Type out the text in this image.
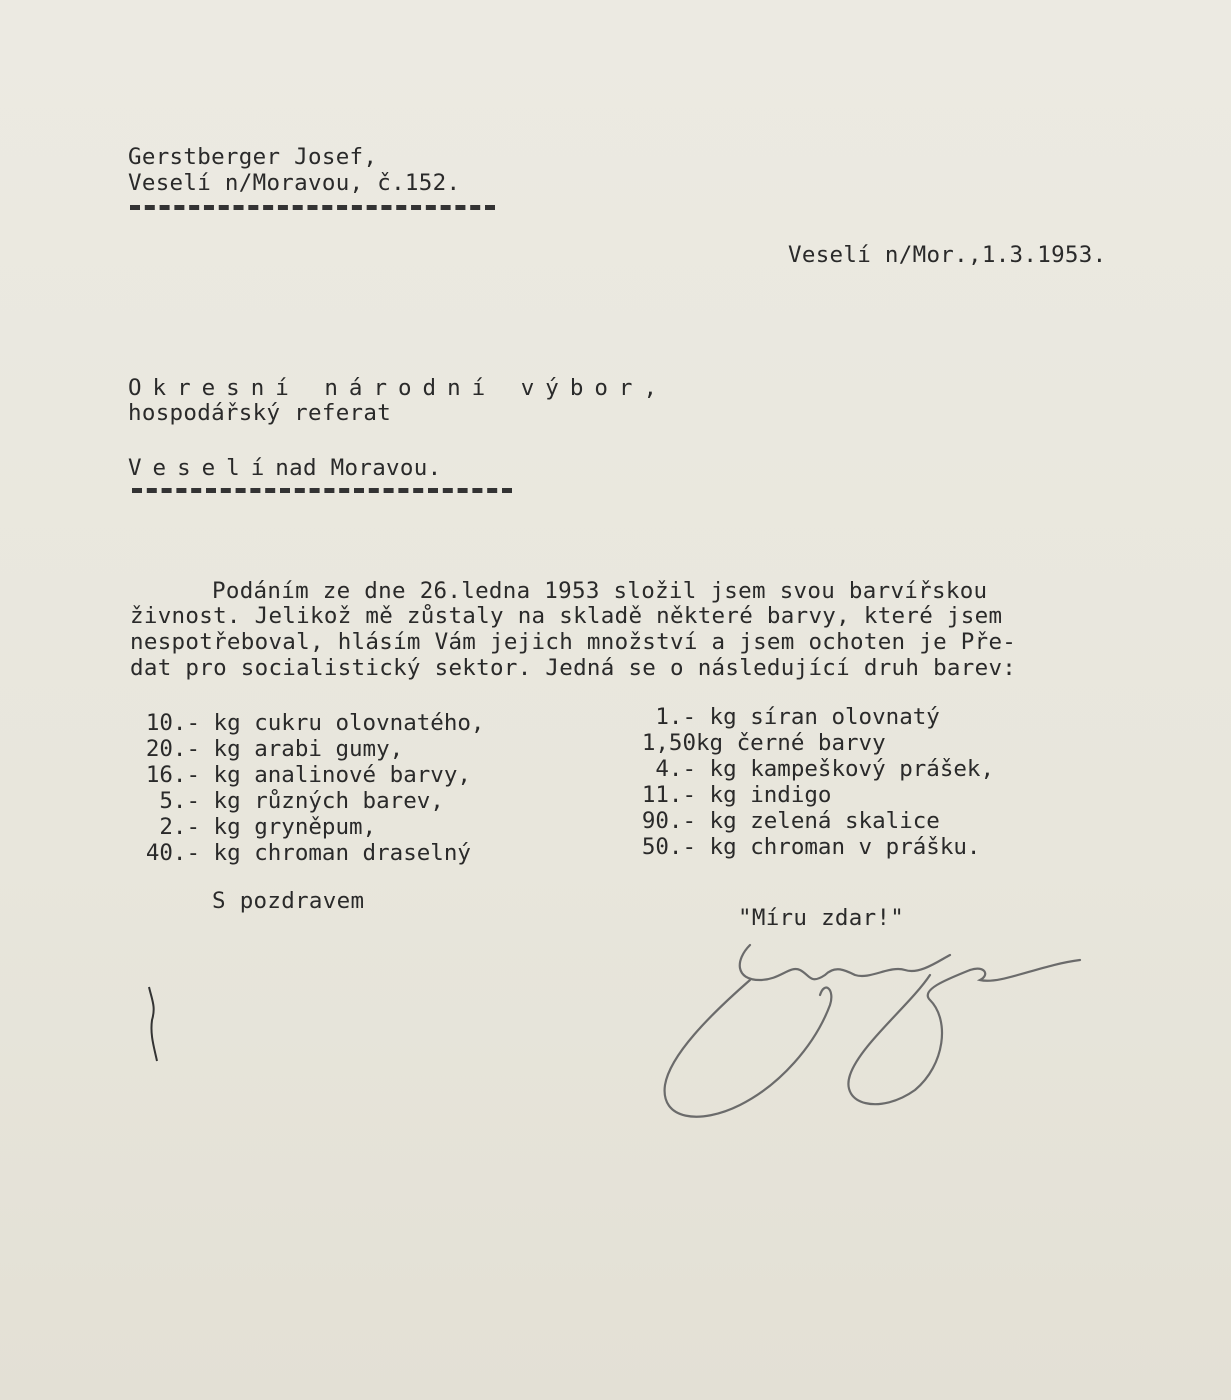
Gerstberger Josef,
Veselí n/Moravou, č.152.
Veselí n/Mor.,1.3.1953.
Okresní národní výbor,
hospodářský referat
Veselínad Moravou.
Podáním ze dne 26.ledna 1953 složil jsem svou barvířskou
živnost. Jelikož mě zůstaly na skladě některé barvy, které jsem
nespotřeboval, hlásím Vám jejich množství a jsem ochoten je Pře-
dat pro socialistický sektor. Jedná se o následující druh barev:
10.- kg cukru olovnatého,
20.- kg arabi gumy,
16.- kg analinové barvy,
5.- kg různých barev,
2.- kg gryněpum,
40.- kg chroman draselný
1.- kg síran olovnatý
1,50kg černé barvy
4.- kg kampeškový prášek,
11.- kg indigo
90.- kg zelená skalice
50.- kg chroman v prášku.
S pozdravem
"Míru zdar!"
